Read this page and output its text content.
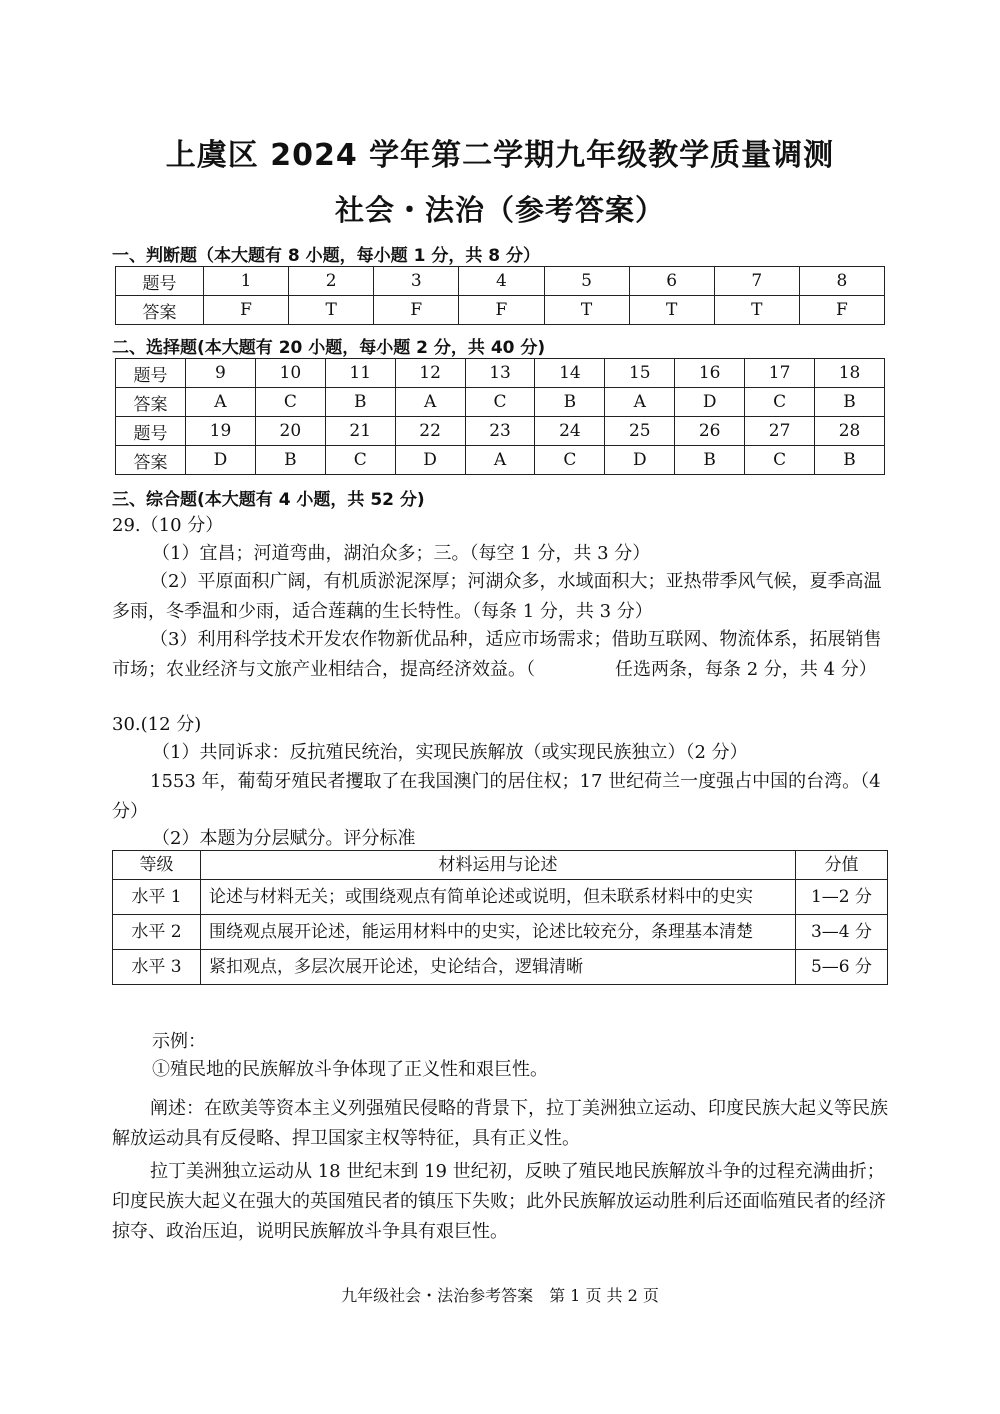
上虞区 2024 学年第二学期九年级教学质量调测
社会・法治（参考答案）
一、判断题（本大题有 8 小题，每小题 1 分，共 8 分）
题号	1	2	3	4	5	6	7	8
答案	F	T	F	F	T	T	T	F
二、选择题(本大题有 20 小题，每小题 2 分，共 40 分)
题号	9	10	11	12	13	14	15	16	17	18
答案	A	C	B	A	C	B	A	D	C	B
题号	19	20	21	22	23	24	25	26	27	28
答案	D	B	C	D	A	C	D	B	C	B
三、综合题(本大题有 4 小题，共 52 分)
29.（10 分）
（1）宜昌；河道弯曲，湖泊众多；三。（每空 1 分，共 3 分）
（2）平原面积广阔，有机质淤泥深厚；河湖众多，水域面积大；亚热带季风气候，夏季高温多雨，冬季温和少雨，适合莲藕的生长特性。（每条 1 分，共 3 分）
（3）利用科学技术开发农作物新优品种，适应市场需求；借助互联网、物流体系，拓展销售市场；农业经济与文旅产业相结合，提高经济效益。（	任选两条，每条 2 分，共 4 分）
30.(12 分)
（1）共同诉求：反抗殖民统治，实现民族解放（或实现民族独立）（2 分）
1553 年，葡萄牙殖民者攫取了在我国澳门的居住权；17 世纪荷兰一度强占中国的台湾。（4 分）
（2）本题为分层赋分。评分标准
等级	材料运用与论述	分值
水平 1	论述与材料无关；或围绕观点有简单论述或说明，但未联系材料中的史实	1—2 分
水平 2	围绕观点展开论述，能运用材料中的史实，论述比较充分，条理基本清楚	3—4 分
水平 3	紧扣观点，多层次展开论述，史论结合，逻辑清晰	5—6 分
示例：
①殖民地的民族解放斗争体现了正义性和艰巨性。
阐述：在欧美等资本主义列强殖民侵略的背景下，拉丁美洲独立运动、印度民族大起义等民族解放运动具有反侵略、捍卫国家主权等特征，具有正义性。
拉丁美洲独立运动从 18 世纪末到 19 世纪初，反映了殖民地民族解放斗争的过程充满曲折；印度民族大起义在强大的英国殖民者的镇压下失败；此外民族解放运动胜利后还面临殖民者的经济掠夺、政治压迫，说明民族解放斗争具有艰巨性。
九年级社会・法治参考答案　第 1 页 共 2 页
